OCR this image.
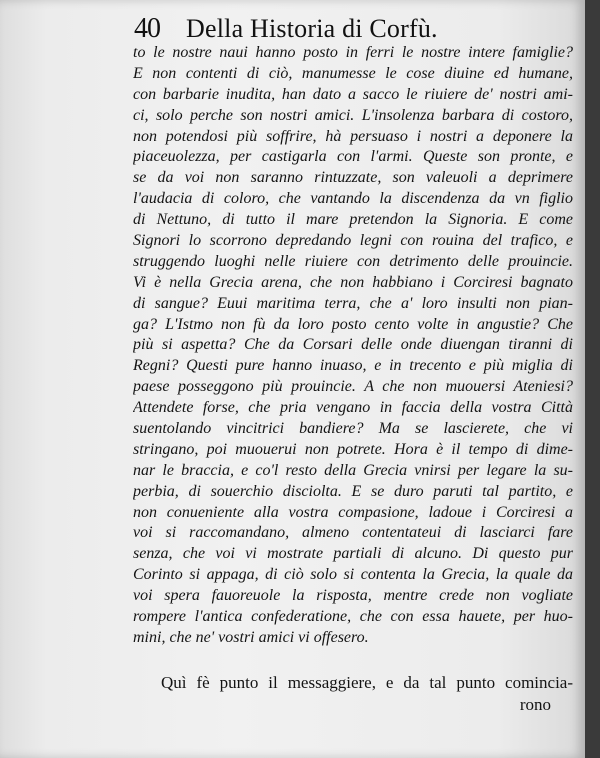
40 Della Historia di Corfù.
to le nostre naui hanno posto in ferri le nostre intere famiglie?
E non contenti di ciò, manumesse le cose diuine ed humane,
con barbarie inudita, han dato a sacco le riuiere de' nostri ami-
ci, solo perche son nostri amici. L'insolenza barbara di costoro,
non potendosi più soffrire, hà persuaso i nostri a deponere la
piaceuolezza, per castigarla con l'armi. Queste son pronte, e
se da voi non saranno rintuzzate, son valeuoli a deprimere
l'audacia di coloro, che vantando la discendenza da vn figlio
di Nettuno, di tutto il mare pretendon la Signoria. E come
Signori lo scorrono depredando legni con rouina del trafico, e
struggendo luoghi nelle riuiere con detrimento delle prouincie.
Vi è nella Grecia arena, che non habbiano i Corciresi bagnato
di sangue? Euui maritima terra, che a' loro insulti non pian-
ga? L'Istmo non fù da loro posto cento volte in angustie? Che
più si aspetta? Che da Corsari delle onde diuengan tiranni di
Regni? Questi pure hanno inuaso, e in trecento e più miglia di
paese posseggono più prouincie. A che non muouersi Ateniesi?
Attendete forse, che pria vengano in faccia della vostra Città
suentolando vincitrici bandiere? Ma se lascierete, che vi
stringano, poi muouerui non potrete. Hora è il tempo di dime-
nar le braccia, e co'l resto della Grecia vnirsi per legare la su-
perbia, di souerchio disciolta. E se duro paruti tal partito, e
non conueniente alla vostra compasione, ladoue i Corciresi a
voi si raccomandano, almeno contentateui di lasciarci fare
senza, che voi vi mostrate partiali di alcuno. Di questo pur
Corinto si appaga, di ciò solo si contenta la Grecia, la quale da
voi spera fauoreuole la risposta, mentre crede non vogliate
rompere l'antica confederatione, che con essa hauete, per huo-
mini, che ne' vostri amici vi offesero.
Quì fè punto il messaggiere, e da tal punto comincia-
rono
